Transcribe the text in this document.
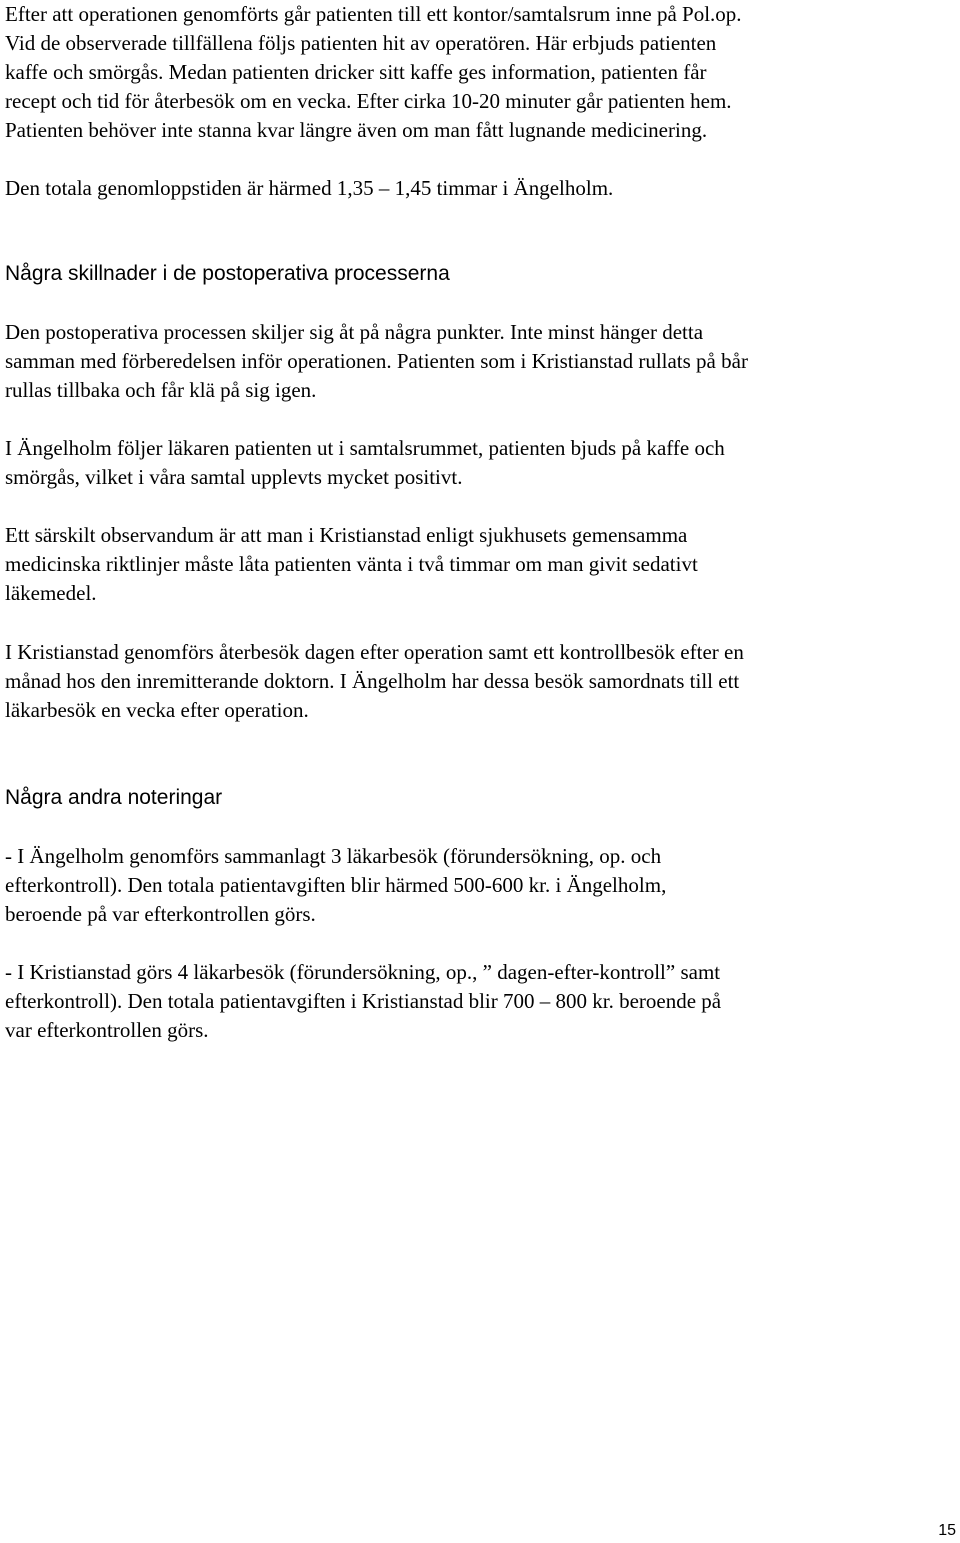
Efter att operationen genomförts går patienten till ett kontor/samtalsrum inne på Pol.op.
Vid de observerade tillfällena följs patienten hit av operatören. Här erbjuds patienten
kaffe och smörgås. Medan patienten dricker sitt kaffe ges information, patienten får
recept och tid för återbesök om en vecka. Efter cirka 10-20 minuter går patienten hem.
Patienten behöver inte stanna kvar längre även om man fått lugnande medicinering.

Den totala genomloppstiden är härmed 1,35 – 1,45 timmar i Ängelholm.

Några skillnader i de postoperativa processerna

Den postoperativa processen skiljer sig åt på några punkter. Inte minst hänger detta
samman med förberedelsen inför operationen. Patienten som i Kristianstad rullats på bår
rullas tillbaka och får klä på sig igen.

I Ängelholm följer läkaren patienten ut i samtalsrummet, patienten bjuds på kaffe och
smörgås, vilket i våra samtal upplevts mycket positivt.

Ett särskilt observandum är att man i Kristianstad enligt sjukhusets gemensamma
medicinska riktlinjer måste låta patienten vänta i två timmar om man givit sedativt
läkemedel.

I Kristianstad genomförs återbesök dagen efter operation samt ett kontrollbesök efter en
månad hos den inremitterande doktorn. I Ängelholm har dessa besök samordnats till ett
läkarbesök en vecka efter operation.

Några andra noteringar

- I Ängelholm genomförs sammanlagt 3 läkarbesök (förundersökning, op. och
efterkontroll). Den totala patientavgiften blir härmed 500-600 kr. i Ängelholm,
beroende på var efterkontrollen görs.

- I Kristianstad görs 4 läkarbesök (förundersökning, op., ” dagen-efter-kontroll” samt
efterkontroll). Den totala patientavgiften i Kristianstad blir 700 – 800 kr. beroende på
var efterkontrollen görs.

15
